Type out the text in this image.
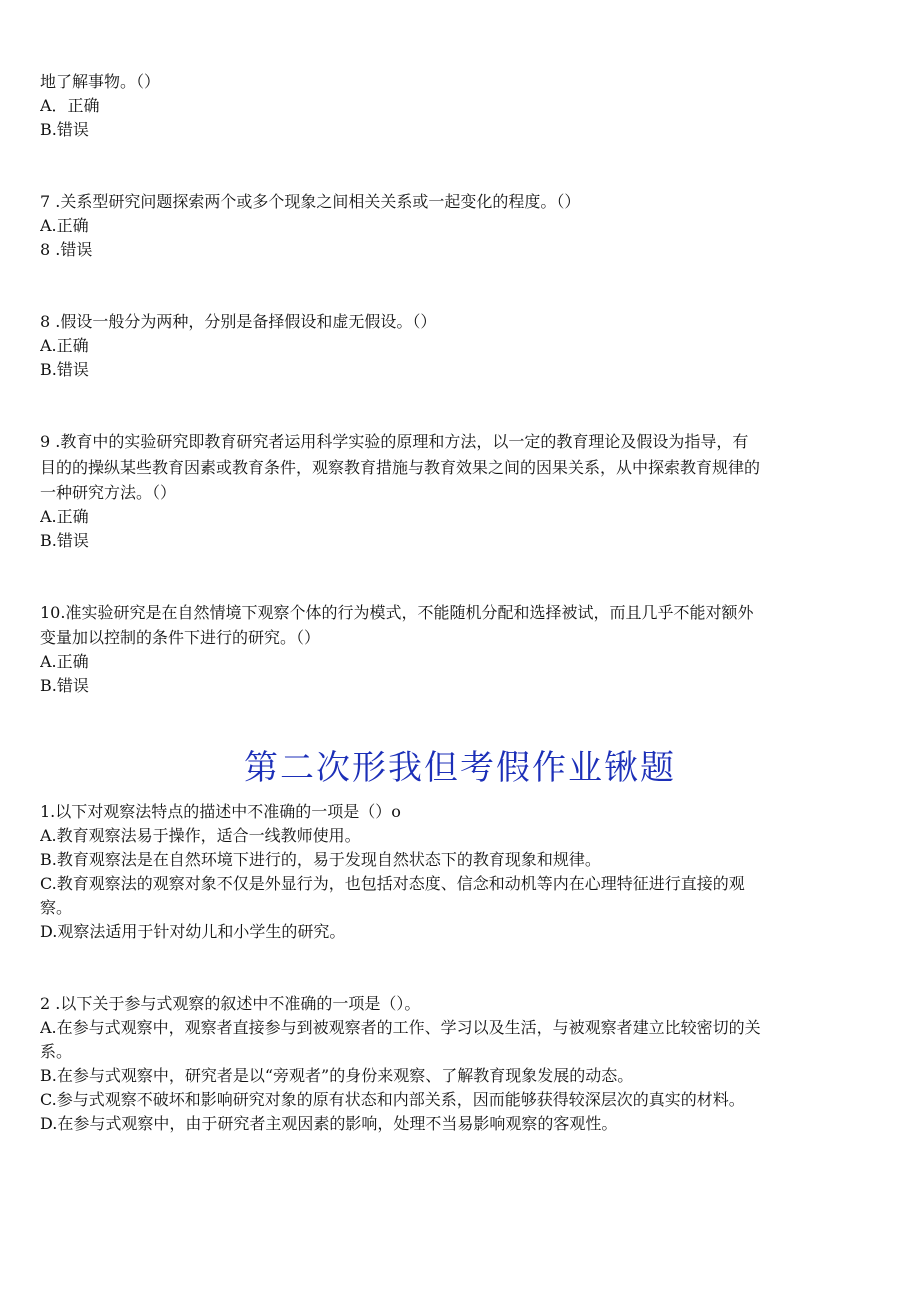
地了解事物。（）
A．正确
B.错误
7 .关系型研究问题探索两个或多个现象之间相关关系或一起变化的程度。（）
A.正确
8 .错误
8 .假设一般分为两种，分别是备择假设和虚无假设。（）
A.正确
B.错误
9 .教育中的实验研究即教育研究者运用科学实验的原理和方法，以一定的教育理论及假设为指导，有
目的的操纵某些教育因素或教育条件，观察教育措施与教育效果之间的因果关系，从中探索教育规律的
一种研究方法。（）
A.正确
B.错误
10.准实验研究是在自然情境下观察个体的行为模式，不能随机分配和选择被试，而且几乎不能对额外
变量加以控制的条件下进行的研究。（）
A.正确
B.错误
第二次形我但考假作业锹题
1.以下对观察法特点的描述中不准确的一项是（）o
A.教育观察法易于操作，适合一线教师使用。
B.教育观察法是在自然环境下进行的，易于发现自然状态下的教育现象和规律。
C.教育观察法的观察对象不仅是外显行为，也包括对态度、信念和动机等内在心理特征进行直接的观
察。
D.观察法适用于针对幼儿和小学生的研究。
2 .以下关于参与式观察的叙述中不准确的一项是（）。
A.在参与式观察中，观察者直接参与到被观察者的工作、学习以及生活，与被观察者建立比较密切的关
系。
B.在参与式观察中，研究者是以“旁观者”的身份来观察、了解教育现象发展的动态。
C.参与式观察不破坏和影响研究对象的原有状态和内部关系，因而能够获得较深层次的真实的材料。
D.在参与式观察中，由于研究者主观因素的影响，处理不当易影响观察的客观性。
